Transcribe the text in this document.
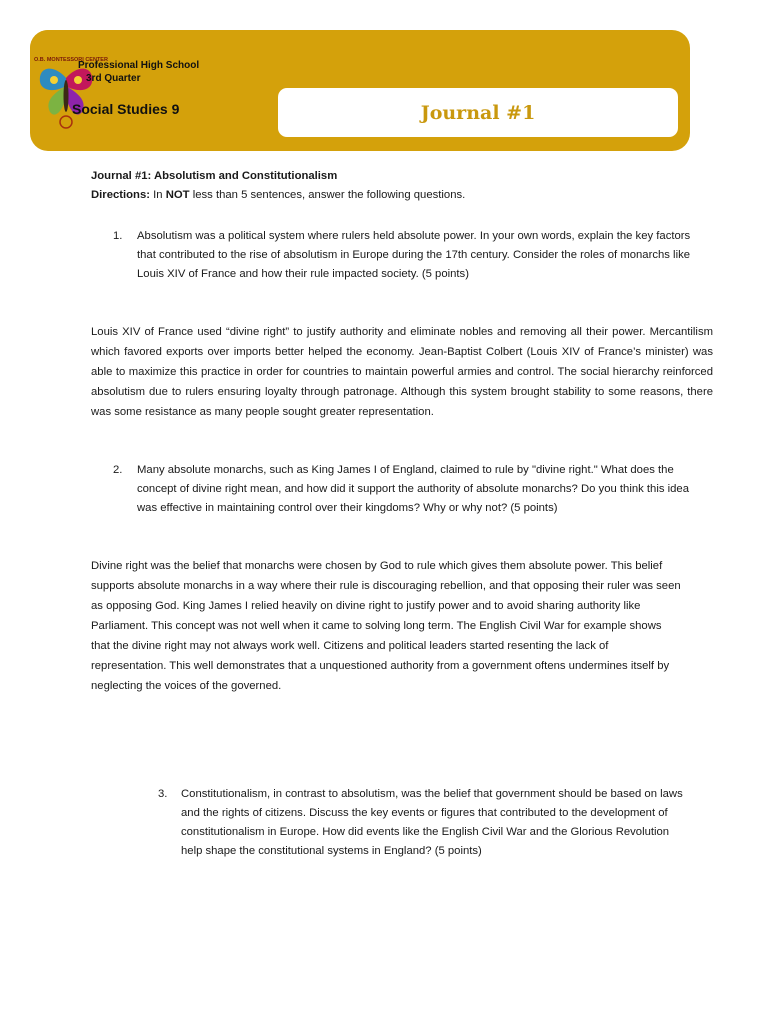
O.B. MONTESSORI CENTER
Professional High School
3rd Quarter
Social Studies 9	Journal #1
Journal #1: Absolutism and Constitutionalism
Directions: In NOT less than 5 sentences, answer the following questions.
1. Absolutism was a political system where rulers held absolute power. In your own words, explain the key factors that contributed to the rise of absolutism in Europe during the 17th century. Consider the roles of monarchs like Louis XIV of France and how their rule impacted society. (5 points)
Louis XIV of France used “divine right” to justify authority and eliminate nobles and removing all their power. Mercantilism which favored exports over imports better helped the economy. Jean-Baptist Colbert (Louis XIV of France’s minister) was able to maximize this practice in order for countries to maintain powerful armies and control. The social hierarchy reinforced absolutism due to rulers ensuring loyalty through patronage. Although this system brought stability to some reasons, there was some resistance as many people sought greater representation.
2. Many absolute monarchs, such as King James I of England, claimed to rule by "divine right." What does the concept of divine right mean, and how did it support the authority of absolute monarchs? Do you think this idea was effective in maintaining control over their kingdoms? Why or why not? (5 points)
Divine right was the belief that monarchs were chosen by God to rule which gives them absolute power. This belief supports absolute monarchs in a way where their rule is discouraging rebellion, and that opposing their ruler was seen as opposing God. King James I relied heavily on divine right to justify power and to avoid sharing authority like Parliament. This concept was not well when it came to solving long term. The English Civil War for example shows that the divine right may not always work well. Citizens and political leaders started resenting the lack of representation. This well demonstrates that a unquestioned authority from a government oftens undermines itself by neglecting the voices of the governed.
3. Constitutionalism, in contrast to absolutism, was the belief that government should be based on laws and the rights of citizens. Discuss the key events or figures that contributed to the development of constitutionalism in Europe. How did events like the English Civil War and the Glorious Revolution help shape the constitutional systems in England? (5 points)
